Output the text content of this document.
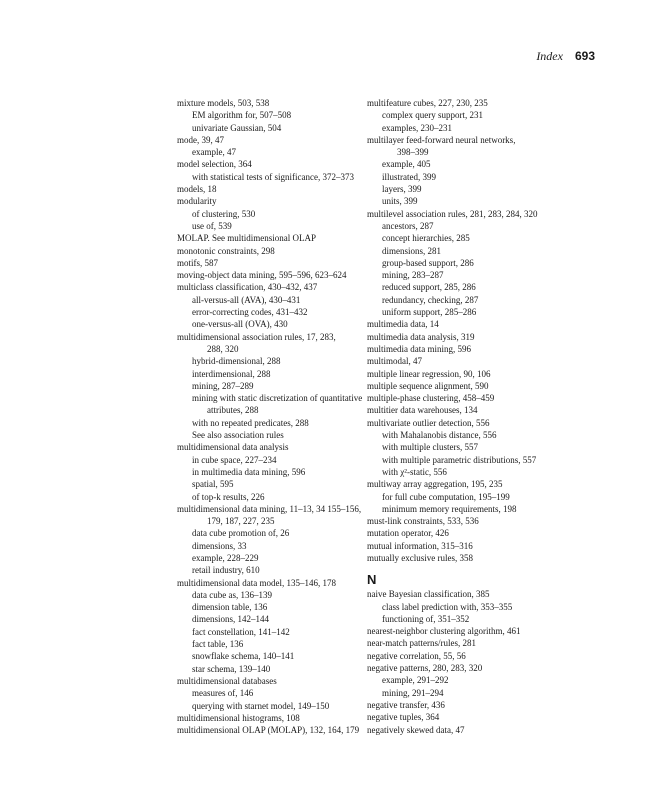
Index 693
mixture models, 503, 538
EM algorithm for, 507–508
univariate Gaussian, 504
mode, 39, 47
example, 47
model selection, 364
with statistical tests of significance, 372–373
models, 18
modularity
of clustering, 530
use of, 539
MOLAP. See multidimensional OLAP
monotonic constraints, 298
motifs, 587
moving-object data mining, 595–596, 623–624
multiclass classification, 430–432, 437
all-versus-all (AVA), 430–431
error-correcting codes, 431–432
one-versus-all (OVA), 430
multidimensional association rules, 17, 283,
288, 320
hybrid-dimensional, 288
interdimensional, 288
mining, 287–289
mining with static discretization of quantitative
attributes, 288
with no repeated predicates, 288
See also association rules
multidimensional data analysis
in cube space, 227–234
in multimedia data mining, 596
spatial, 595
of top-k results, 226
multidimensional data mining, 11–13, 34 155–156,
179, 187, 227, 235
data cube promotion of, 26
dimensions, 33
example, 228–229
retail industry, 610
multidimensional data model, 135–146, 178
data cube as, 136–139
dimension table, 136
dimensions, 142–144
fact constellation, 141–142
fact table, 136
snowflake schema, 140–141
star schema, 139–140
multidimensional databases
measures of, 146
querying with starnet model, 149–150
multidimensional histograms, 108
multidimensional OLAP (MOLAP), 132, 164, 179
multifeature cubes, 227, 230, 235
complex query support, 231
examples, 230–231
multilayer feed-forward neural networks,
398–399
example, 405
illustrated, 399
layers, 399
units, 399
multilevel association rules, 281, 283, 284, 320
ancestors, 287
concept hierarchies, 285
dimensions, 281
group-based support, 286
mining, 283–287
reduced support, 285, 286
redundancy, checking, 287
uniform support, 285–286
multimedia data, 14
multimedia data analysis, 319
multimedia data mining, 596
multimodal, 47
multiple linear regression, 90, 106
multiple sequence alignment, 590
multiple-phase clustering, 458–459
multitier data warehouses, 134
multivariate outlier detection, 556
with Mahalanobis distance, 556
with multiple clusters, 557
with multiple parametric distributions, 557
with χ²-static, 556
multiway array aggregation, 195, 235
for full cube computation, 195–199
minimum memory requirements, 198
must-link constraints, 533, 536
mutation operator, 426
mutual information, 315–316
mutually exclusive rules, 358
N
naive Bayesian classification, 385
class label prediction with, 353–355
functioning of, 351–352
nearest-neighbor clustering algorithm, 461
near-match patterns/rules, 281
negative correlation, 55, 56
negative patterns, 280, 283, 320
example, 291–292
mining, 291–294
negative transfer, 436
negative tuples, 364
negatively skewed data, 47
